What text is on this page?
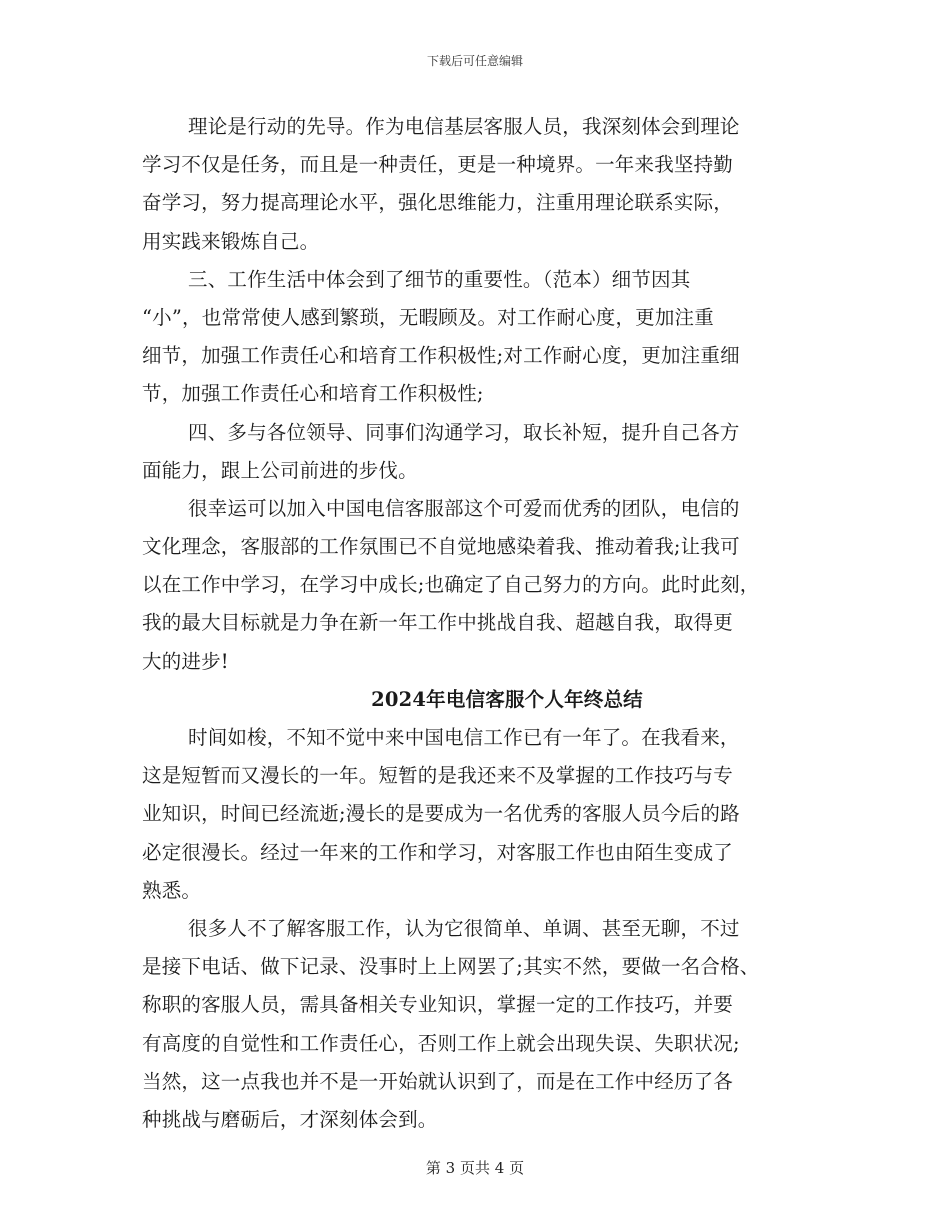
下载后可任意编辑
理论是行动的先导。作为电信基层客服人员，我深刻体会到理论
学习不仅是任务，而且是一种责任，更是一种境界。一年来我坚持勤
奋学习，努力提高理论水平，强化思维能力，注重用理论联系实际，
用实践来锻炼自己。
三、工作生活中体会到了细节的重要性。（范本）细节因其
“小”，也常常使人感到繁琐，无暇顾及。对工作耐心度，更加注重
细节，加强工作责任心和培育工作积极性;对工作耐心度，更加注重细
节，加强工作责任心和培育工作积极性;
四、多与各位领导、同事们沟通学习，取长补短，提升自己各方
面能力，跟上公司前进的步伐。
很幸运可以加入中国电信客服部这个可爱而优秀的团队，电信的
文化理念，客服部的工作氛围已不自觉地感染着我、推动着我;让我可
以在工作中学习，在学习中成长;也确定了自己努力的方向。此时此刻，
我的最大目标就是力争在新一年工作中挑战自我、超越自我，取得更
大的进步!
2024年电信客服个人年终总结
时间如梭，不知不觉中来中国电信工作已有一年了。在我看来，
这是短暂而又漫长的一年。短暂的是我还来不及掌握的工作技巧与专
业知识，时间已经流逝;漫长的是要成为一名优秀的客服人员今后的路
必定很漫长。经过一年来的工作和学习，对客服工作也由陌生变成了
熟悉。
很多人不了解客服工作，认为它很简单、单调、甚至无聊，不过
是接下电话、做下记录、没事时上上网罢了;其实不然，要做一名合格、
称职的客服人员，需具备相关专业知识，掌握一定的工作技巧，并要
有高度的自觉性和工作责任心，否则工作上就会出现失误、失职状况;
当然，这一点我也并不是一开始就认识到了，而是在工作中经历了各
种挑战与磨砺后，才深刻体会到。
第 3 页共 4 页
